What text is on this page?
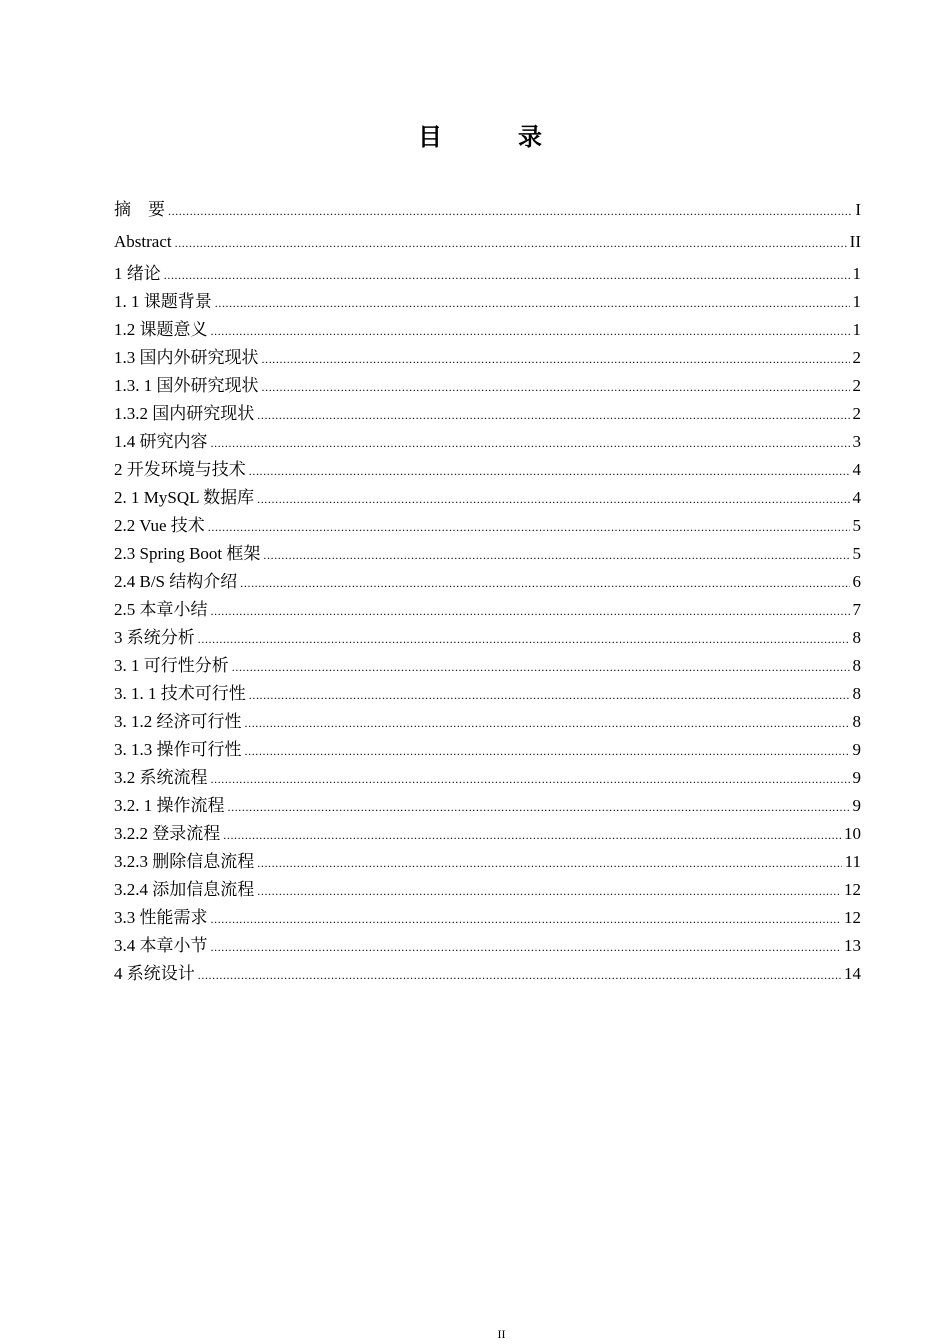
目　录
摘　要 .....	I
Abstract .....	II
1 绪论 .....	1
1. 1 课题背景 .....	1
1.2 课题意义 .....	1
1.3 国内外研究现状 .....	2
1.3. 1 国外研究现状 .....	2
1.3.2 国内研究现状 .....	2
1.4 研究内容 .....	3
2 开发环境与技术 .....	4
2. 1 MySQL 数据库 .....	4
2.2 Vue 技术 .....	5
2.3 Spring Boot 框架 .....	5
2.4 B/S 结构介绍 .....	6
2.5 本章小结 .....	7
3 系统分析 .....	8
3. 1 可行性分析 .....	8
3. 1. 1 技术可行性 .....	8
3. 1.2 经济可行性 .....	8
3. 1.3 操作可行性 .....	9
3.2 系统流程 .....	9
3.2. 1 操作流程 .....	9
3.2.2 登录流程 .....	10
3.2.3 删除信息流程 .....	11
3.2.4 添加信息流程 .....	12
3.3 性能需求 .....	12
3.4 本章小节 .....	13
4 系统设计 .....	14
II
